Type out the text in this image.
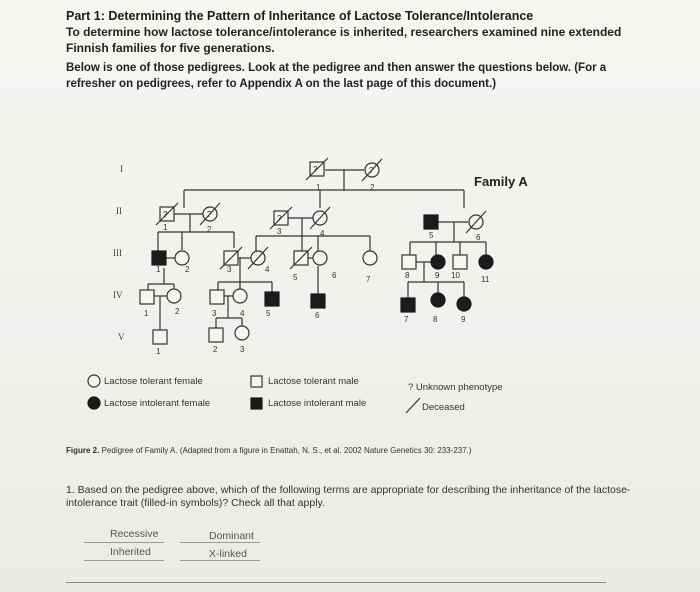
Part 1: Determining the Pattern of Inheritance of Lactose Tolerance/Intolerance
To determine how lactose tolerance/intolerance is inherited, researchers examined nine extended Finnish families for five generations.
Below is one of those pedigrees. Look at the pedigree and then answer the questions below. (For a refresher on pedigrees, refer to Appendix A on the last page of this document.)
I
II
III
IV
V
Family A
?
1
?
2
?
1
?
2
?
3	4	5	6
1	2	3	4
5	6	7	8	9 10	11
1	2	3	4	5	6	7	8	9
1	2	3
Lactose tolerant female
Lactose intolerant female
Lactose tolerant male
Lactose intolerant male
? Unknown phenotype
Deceased
Figure 2. Pedigree of Family A. (Adapted from a figure in Enattah, N. S., et al. 2002 Nature Genetics 30: 233-237.)
1. Based on the pedigree above, which of the following terms are appropriate for describing the inheritance of the lactose-intolerance trait (filled-in symbols)? Check all that apply.
Recessive	Dominant
Inherited	X-linked
